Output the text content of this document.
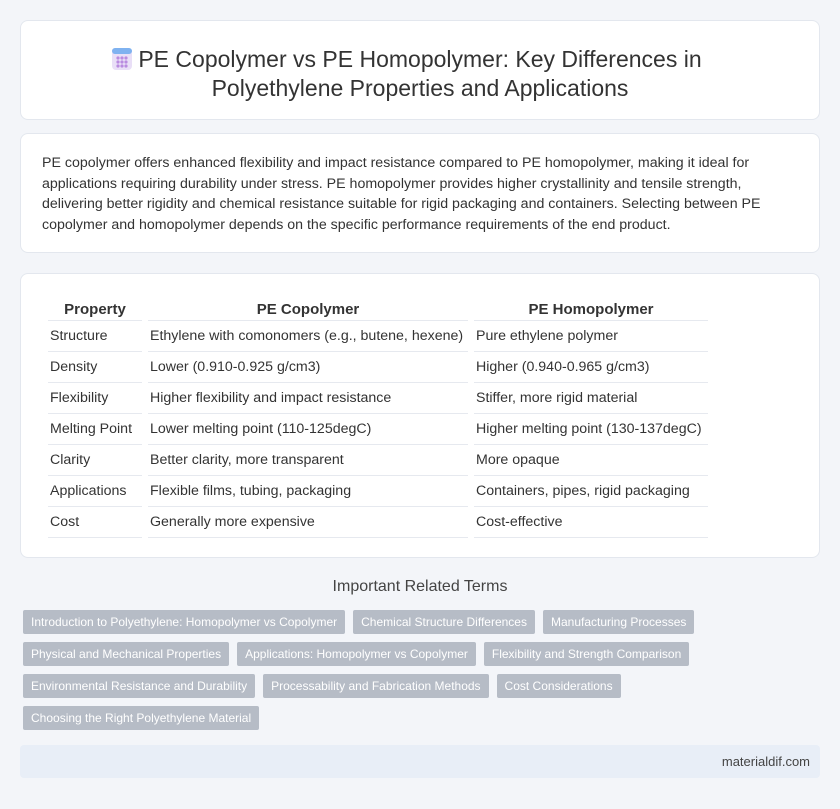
PE Copolymer vs PE Homopolymer: Key Differences in Polyethylene Properties and Applications

PE copolymer offers enhanced flexibility and impact resistance compared to PE homopolymer, making it ideal for applications requiring durability under stress. PE homopolymer provides higher crystallinity and tensile strength, delivering better rigidity and chemical resistance suitable for rigid packaging and containers. Selecting between PE copolymer and homopolymer depends on the specific performance requirements of the end product.

Property	PE Copolymer	PE Homopolymer
Structure	Ethylene with comonomers (e.g., butene, hexene)	Pure ethylene polymer
Density	Lower (0.910-0.925 g/cm3)	Higher (0.940-0.965 g/cm3)
Flexibility	Higher flexibility and impact resistance	Stiffer, more rigid material
Melting Point	Lower melting point (110-125degC)	Higher melting point (130-137degC)
Clarity	Better clarity, more transparent	More opaque
Applications	Flexible films, tubing, packaging	Containers, pipes, rigid packaging
Cost	Generally more expensive	Cost-effective
Important Related Terms
Introduction to Polyethylene: Homopolymer vs Copolymer	Chemical Structure Differences	Manufacturing Processes
Physical and Mechanical Properties	Applications: Homopolymer vs Copolymer	Flexibility and Strength Comparison
Environmental Resistance and Durability	Processability and Fabrication Methods	Cost Considerations
Choosing the Right Polyethylene Material
materialdif.com
